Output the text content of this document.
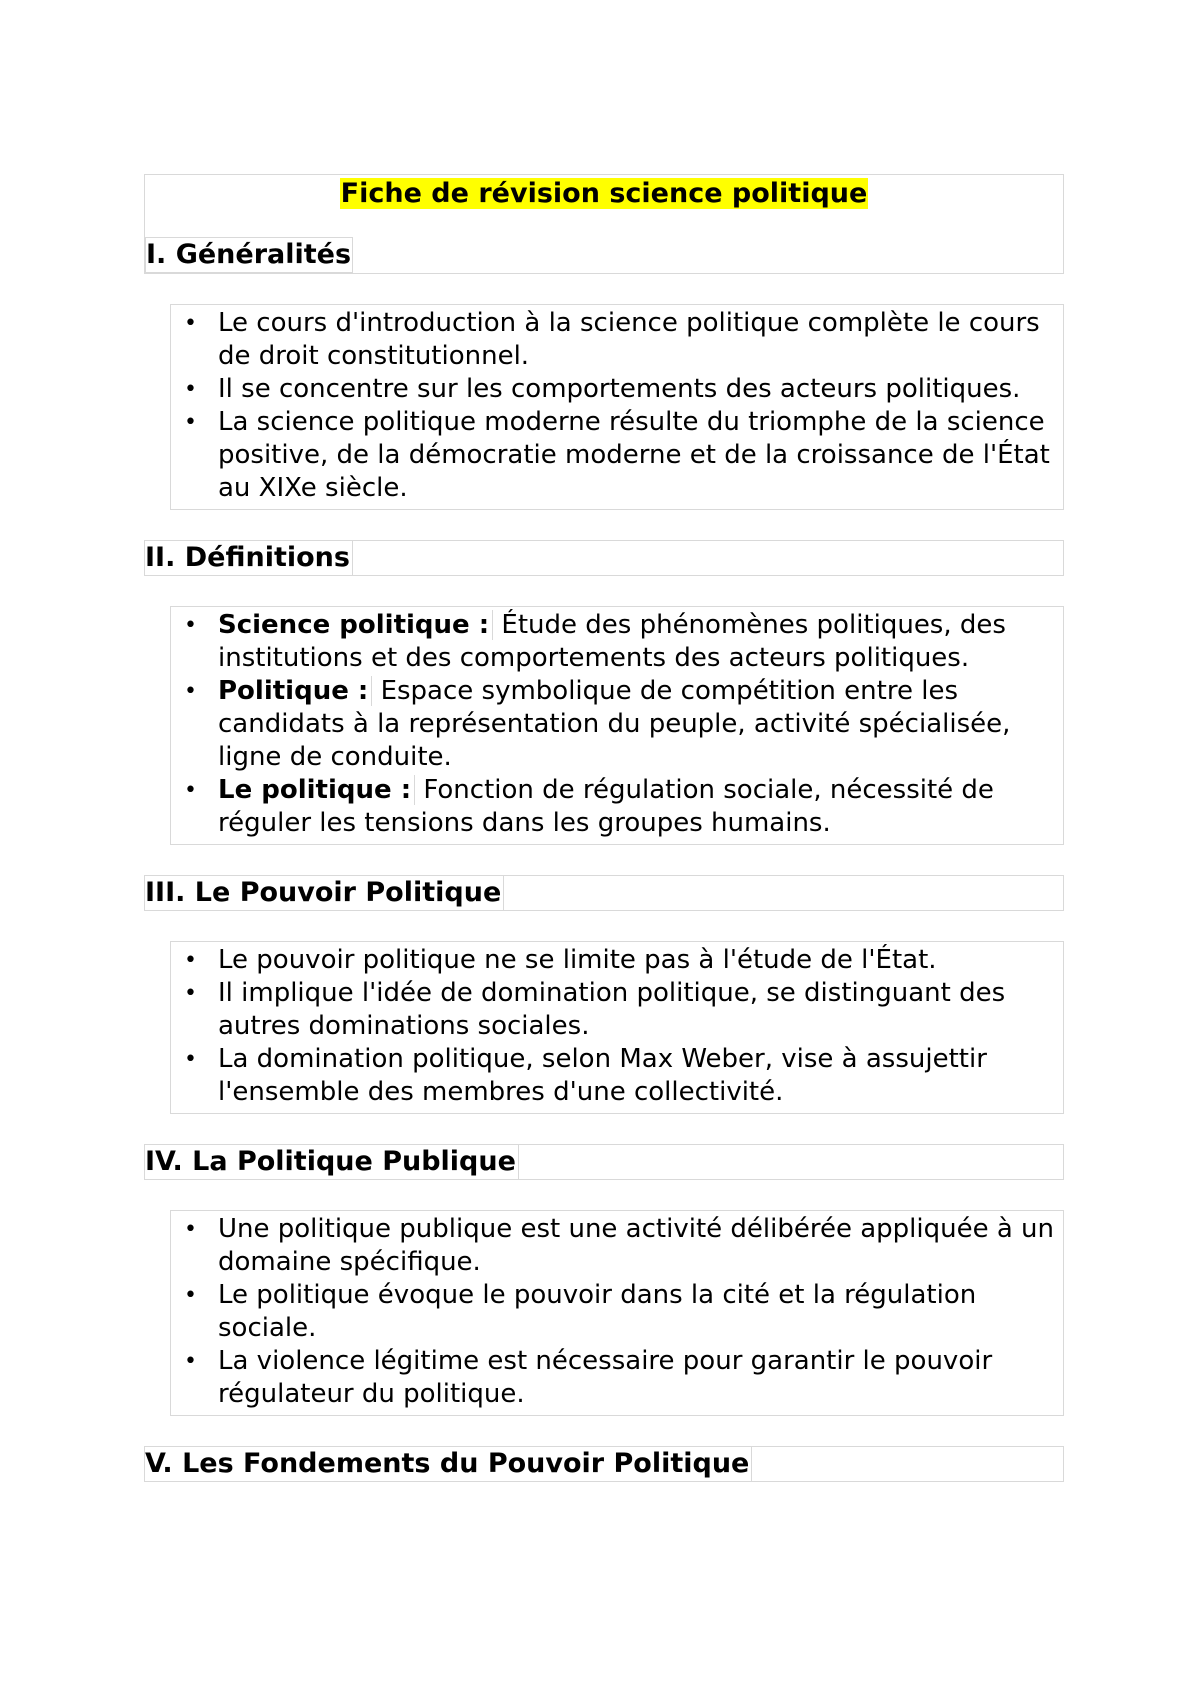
Fiche de révision science politique
I. Généralités
• Le cours d'introduction à la science politique complète le cours de droit constitutionnel.
• Il se concentre sur les comportements des acteurs politiques.
• La science politique moderne résulte du triomphe de la science positive, de la démocratie moderne et de la croissance de l'État au XIXe siècle.
II. Définitions
• Science politique : Étude des phénomènes politiques, des institutions et des comportements des acteurs politiques.
• Politique : Espace symbolique de compétition entre les candidats à la représentation du peuple, activité spécialisée, ligne de conduite.
• Le politique : Fonction de régulation sociale, nécessité de réguler les tensions dans les groupes humains.
III. Le Pouvoir Politique
• Le pouvoir politique ne se limite pas à l'étude de l'État.
• Il implique l'idée de domination politique, se distinguant des autres dominations sociales.
• La domination politique, selon Max Weber, vise à assujettir l'ensemble des membres d'une collectivité.
IV. La Politique Publique
• Une politique publique est une activité délibérée appliquée à un domaine spécifique.
• Le politique évoque le pouvoir dans la cité et la régulation sociale.
• La violence légitime est nécessaire pour garantir le pouvoir régulateur du politique.
V. Les Fondements du Pouvoir Politique
